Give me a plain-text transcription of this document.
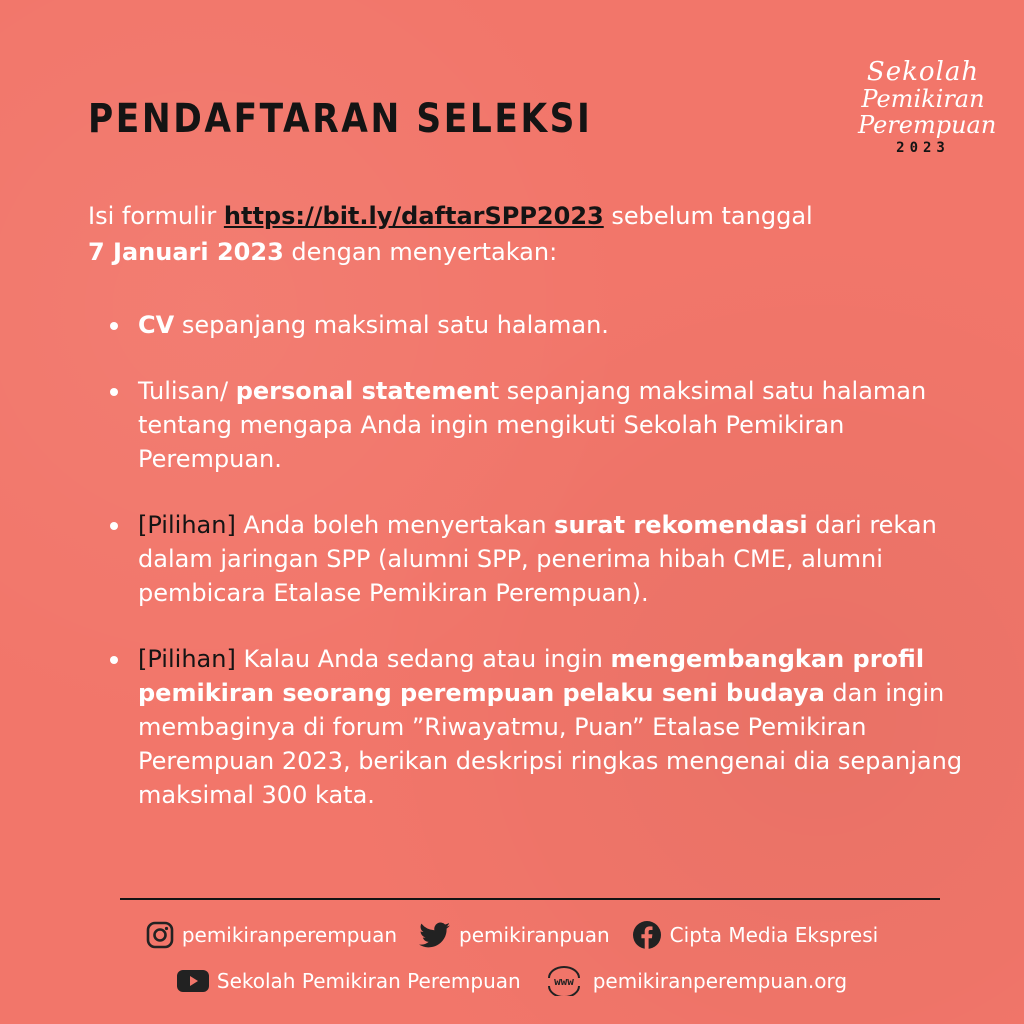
PENDAFTARAN SELEKSI
Sekolah
Pemikiran
Perempuan
2023

Isi formulir https://bit.ly/daftarSPP2023 sebelum tanggal
7 Januari 2023 dengan menyertakan:

CV sepanjang maksimal satu halaman.
Tulisan/ personal statement sepanjang maksimal satu halaman tentang mengapa Anda ingin mengikuti Sekolah Pemikiran Perempuan.
[Pilihan] Anda boleh menyertakan surat rekomendasi dari rekan dalam jaringan SPP (alumni SPP, penerima hibah CME, alumni pembicara Etalase Pemikiran Perempuan).
[Pilihan] Kalau Anda sedang atau ingin mengembangkan profil pemikiran seorang perempuan pelaku seni budaya dan ingin membaginya di forum ”Riwayatmu, Puan” Etalase Pemikiran Perempuan 2023, berikan deskripsi ringkas mengenai dia sepanjang maksimal 300 kata.
pemikiranperempuan	pemikiranpuan	Cipta Media Ekspresi
Sekolah Pemikiran Perempuan	www pemikiranperempuan.org
